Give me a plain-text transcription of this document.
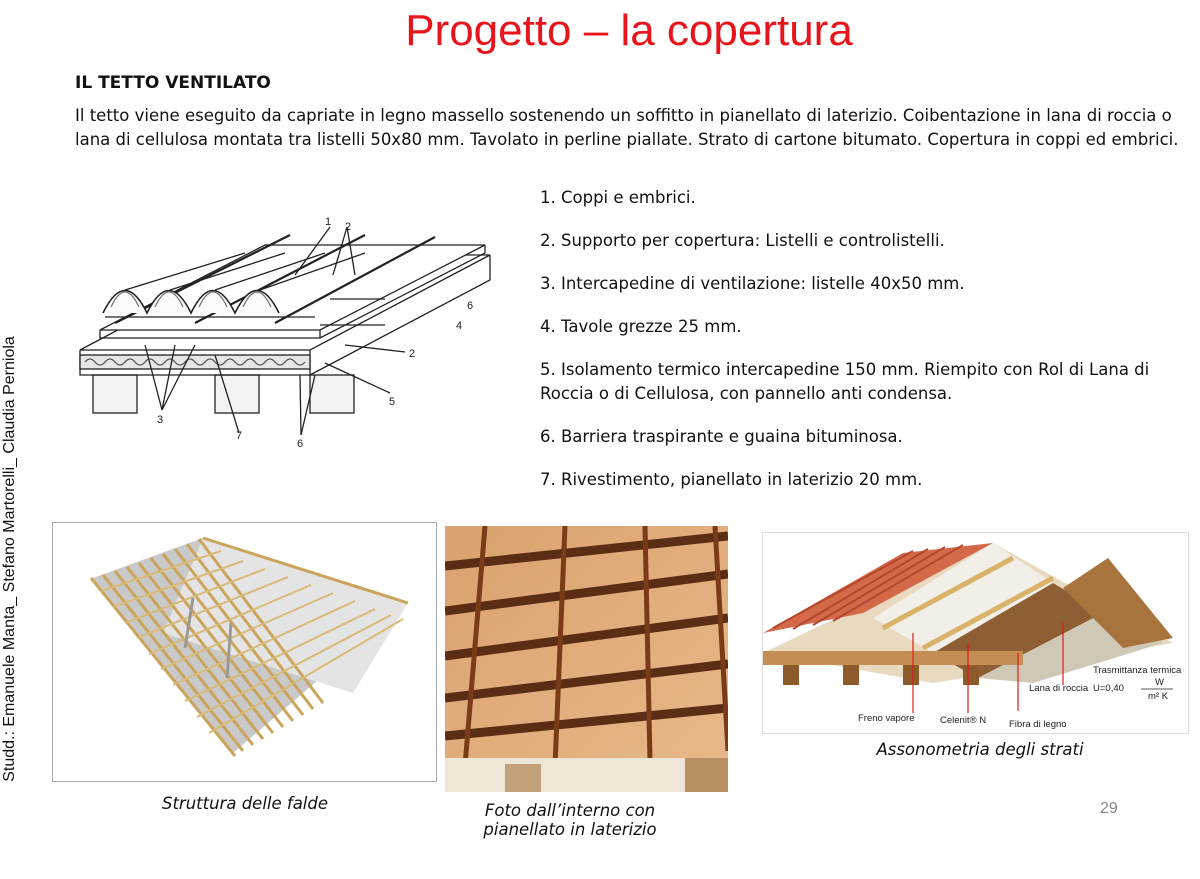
Progetto – la copertura
IL TETTO VENTILATO
Il tetto viene eseguito da capriate in legno massello sostenendo un soffitto in pianellato di laterizio. Coibentazione in lana di roccia o lana di cellulosa montata tra listelli 50x80 mm. Tavolato in perline piallate. Strato di cartone bitumato. Copertura in coppi ed embrici.

1. Coppi e embrici.

2. Supporto per copertura: Listelli e controlistelli.

3. Intercapedine di ventilazione: listelle 40x50 mm.

4. Tavole grezze 25 mm.

5. Isolamento termico intercapedine 150 mm. Riempito con Rol di Lana di Roccia o di Cellulosa, con pannello anti condensa.

6. Barriera traspirante e guaina bituminosa.

7. Rivestimento, pianellato in laterizio 20 mm.

Studd.: Emanuele Manta_ Stefano Martorelli_ Claudia Perniola
1 2
6
4
2
5
3
7
6
Struttura delle falde	Foto dall’interno con
pianellato in laterizio
Freno vapore	Celenit® N Fibra di legno
Lana di roccia
Trasmittanza termica
U=0,40
W
m² K
Assonometria degli strati
29
